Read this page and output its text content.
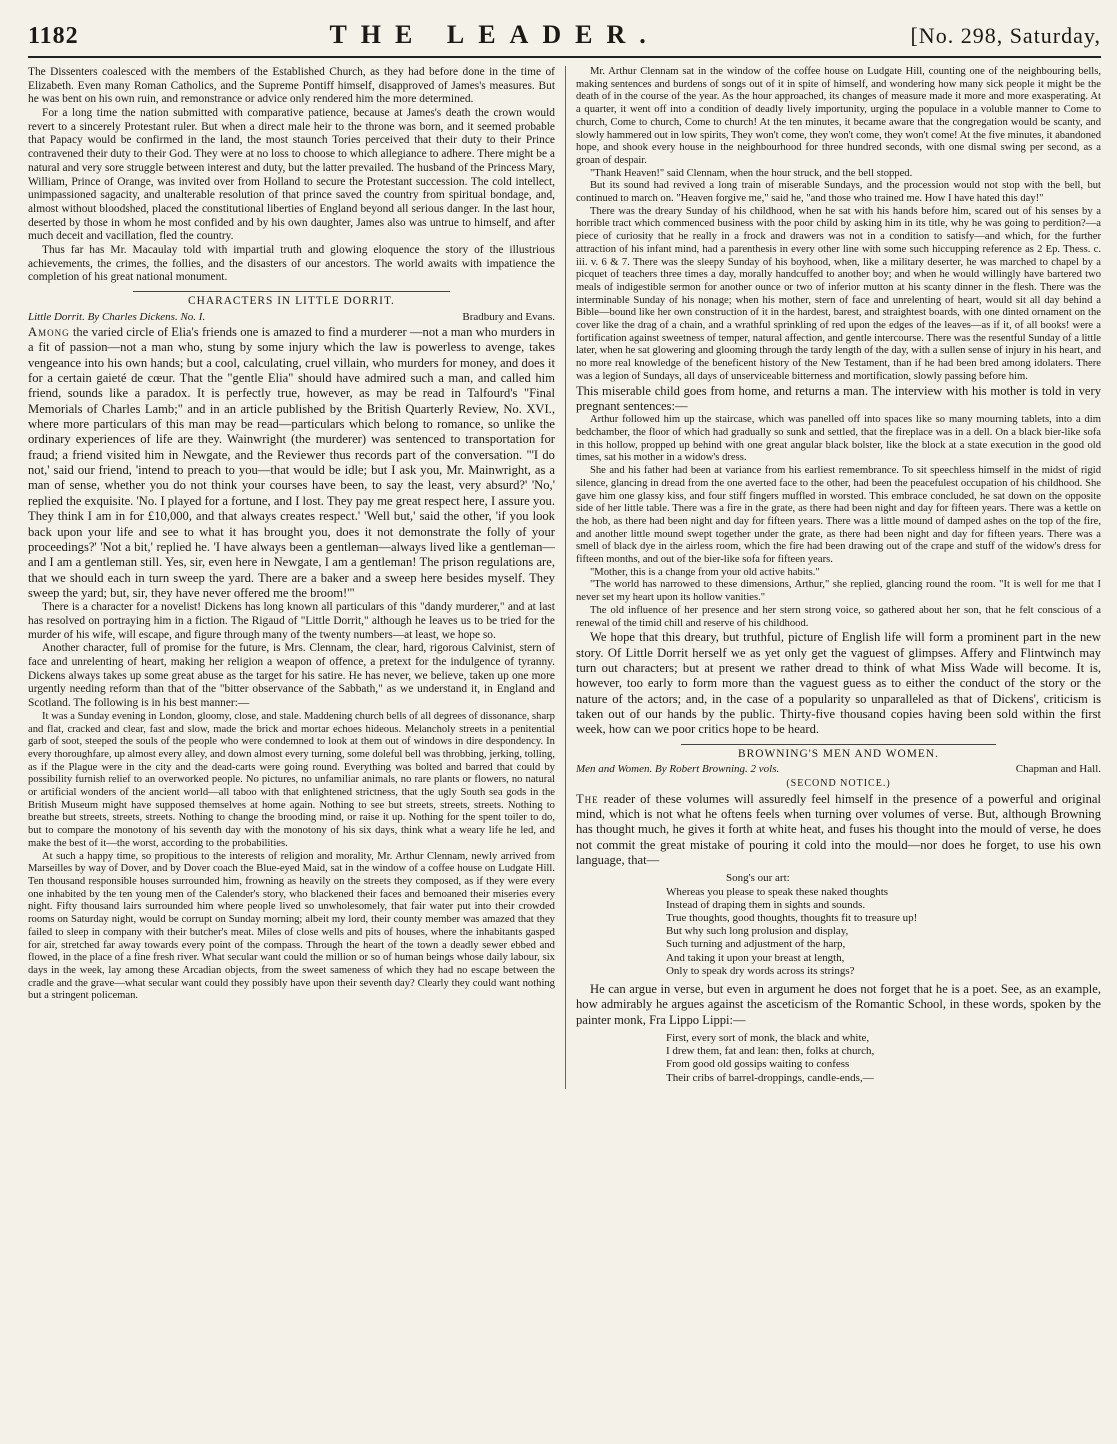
1182	THE LEADER.	[No. 298, Saturday,

The Dissenters coalesced with the members of the Established Church, as they had before done in the time of Elizabeth. Even many Roman Catholics, and the Supreme Pontiff himself, disapproved of James's measures. But he was bent on his own ruin, and remonstrance or advice only rendered him the more determined.

For a long time the nation submitted with comparative patience, because at James's death the crown would revert to a sincerely Protestant ruler. But when a direct male heir to the throne was born, and it seemed probable that Papacy would be confirmed in the land, the most staunch Tories perceived that their duty to their Prince contravened their duty to their God. They were at no loss to choose to which allegiance to adhere. There might be a natural and very sore struggle between interest and duty, but the latter prevailed. The husband of the Princess Mary, William, Prince of Orange, was invited over from Holland to secure the Protestant succession. The cold intellect, unimpassioned sagacity, and unalterable resolution of that prince saved the country from spiritual bondage, and, almost without bloodshed, placed the constitutional liberties of England beyond all serious danger. In the last hour, deserted by those in whom he most confided and by his own daughter, James also was untrue to himself, and after much deceit and vacillation, fled the country.

Thus far has Mr. Macaulay told with impartial truth and glowing eloquence the story of the illustrious achievements, the crimes, the follies, and the disasters of our ancestors. The world awaits with impatience the completion of his great national monument.

CHARACTERS IN LITTLE DORRIT.
Little Dorrit. By Charles Dickens. No. I.	Bradbury and Evans.

Among the varied circle of Elia's friends one is amazed to find a murderer —not a man who murders in a fit of passion—not a man who, stung by some injury which the law is powerless to avenge, takes vengeance into his own hands; but a cool, calculating, cruel villain, who murders for money, and does it for a certain gaieté de cœur. That the "gentle Elia" should have admired such a man, and called him friend, sounds like a paradox. It is perfectly true, however, as may be read in Talfourd's "Final Memorials of Charles Lamb;" and in an article published by the British Quarterly Review, No. XVI., where more particulars of this man may be read—particulars which belong to romance, so unlike the ordinary experiences of life are they. Wainwright (the murderer) was sentenced to transportation for fraud; a friend visited him in Newgate, and the Reviewer thus records part of the conversation. "'I do not,' said our friend, 'intend to preach to you—that would be idle; but I ask you, Mr. Mainwright, as a man of sense, whether you do not think your courses have been, to say the least, very absurd?' 'No,' replied the exquisite. 'No. I played for a fortune, and I lost. They pay me great respect here, I assure you. They think I am in for £10,000, and that always creates respect.' 'Well but,' said the other, 'if you look back upon your life and see to what it has brought you, does it not demonstrate the folly of your proceedings?' 'Not a bit,' replied he. 'I have always been a gentleman—always lived like a gentleman—and I am a gentleman still. Yes, sir, even here in Newgate, I am a gentleman! The prison regulations are, that we should each in turn sweep the yard. There are a baker and a sweep here besides myself. They sweep the yard; but, sir, they have never offered me the broom!'"

There is a character for a novelist! Dickens has long known all particulars of this "dandy murderer," and at last has resolved on portraying him in a fiction. The Rigaud of "Little Dorrit," although he leaves us to be tried for the murder of his wife, will escape, and figure through many of the twenty numbers—at least, we hope so.

Another character, full of promise for the future, is Mrs. Clennam, the clear, hard, rigorous Calvinist, stern of face and unrelenting of heart, making her religion a weapon of offence, a pretext for the indulgence of tyranny. Dickens always takes up some great abuse as the target for his satire. He has never, we believe, taken up one more urgently needing reform than that of the "bitter observance of the Sabbath," as we understand it, in England and Scotland. The following is in his best manner:—

It was a Sunday evening in London, gloomy, close, and stale. Maddening church bells of all degrees of dissonance, sharp and flat, cracked and clear, fast and slow, made the brick and mortar echoes hideous. Melancholy streets in a penitential garb of soot, steeped the souls of the people who were condemned to look at them out of windows in dire despondency. In every thoroughfare, up almost every alley, and down almost every turning, some doleful bell was throbbing, jerking, tolling, as if the Plague were in the city and the dead-carts were going round. Everything was bolted and barred that could by possibility furnish relief to an overworked people. No pictures, no unfamiliar animals, no rare plants or flowers, no natural or artificial wonders of the ancient world—all taboo with that enlightened strictness, that the ugly South sea gods in the British Museum might have supposed themselves at home again. Nothing to see but streets, streets, streets. Nothing to breathe but streets, streets, streets. Nothing to change the brooding mind, or raise it up. Nothing for the spent toiler to do, but to compare the monotony of his seventh day with the monotony of his six days, think what a weary life he led, and make the best of it—the worst, according to the probabilities.

At such a happy time, so propitious to the interests of religion and morality, Mr. Arthur Clennam, newly arrived from Marseilles by way of Dover, and by Dover coach the Blue-eyed Maid, sat in the window of a coffee house on Ludgate Hill. Ten thousand responsible houses surrounded him, frowning as heavily on the streets they composed, as if they were every one inhabited by the ten young men of the Calender's story, who blackened their faces and bemoaned their miseries every night. Fifty thousand lairs surrounded him where people lived so unwholesomely, that fair water put into their crowded rooms on Saturday night, would be corrupt on Sunday morning; albeit my lord, their county member was amazed that they failed to sleep in company with their butcher's meat. Miles of close wells and pits of houses, where the inhabitants gasped for air, stretched far away towards every point of the compass. Through the heart of the town a deadly sewer ebbed and flowed, in the place of a fine fresh river. What secular want could the million or so of human beings whose daily labour, six days in the week, lay among these Arcadian objects, from the sweet sameness of which they had no escape between the cradle and the grave—what secular want could they possibly have upon their seventh day? Clearly they could want nothing but a stringent policeman.

Mr. Arthur Clennam sat in the window of the coffee house on Ludgate Hill, counting one of the neighbouring bells, making sentences and burdens of songs out of it in spite of himself, and wondering how many sick people it might be the death of in the course of the year. As the hour approached, its changes of measure made it more and more exasperating. At a quarter, it went off into a condition of deadly lively importunity, urging the populace in a voluble manner to Come to church, Come to church, Come to church! At the ten minutes, it became aware that the congregation would be scanty, and slowly hammered out in low spirits, They won't come, they won't come, they won't come! At the five minutes, it abandoned hope, and shook every house in the neighbourhood for three hundred seconds, with one dismal swing per second, as a groan of despair.

"Thank Heaven!" said Clennam, when the hour struck, and the bell stopped.

But its sound had revived a long train of miserable Sundays, and the procession would not stop with the bell, but continued to march on. "Heaven forgive me," said he, "and those who trained me. How I have hated this day!"

There was the dreary Sunday of his childhood, when he sat with his hands before him, scared out of his senses by a horrible tract which commenced business with the poor child by asking him in its title, why he was going to perdition?—a piece of curiosity that he really in a frock and drawers was not in a condition to satisfy—and which, for the further attraction of his infant mind, had a parenthesis in every other line with some such hiccupping reference as 2 Ep. Thess. c. iii. v. 6 & 7. There was the sleepy Sunday of his boyhood, when, like a military deserter, he was marched to chapel by a picquet of teachers three times a day, morally handcuffed to another boy; and when he would willingly have bartered two meals of indigestible sermon for another ounce or two of inferior mutton at his scanty dinner in the flesh. There was the interminable Sunday of his nonage; when his mother, stern of face and unrelenting of heart, would sit all day behind a Bible—bound like her own construction of it in the hardest, barest, and straightest boards, with one dinted ornament on the cover like the drag of a chain, and a wrathful sprinkling of red upon the edges of the leaves—as if it, of all books! were a fortification against sweetness of temper, natural affection, and gentle intercourse. There was the resentful Sunday of a little later, when he sat glowering and glooming through the tardy length of the day, with a sullen sense of injury in his heart, and no more real knowledge of the beneficent history of the New Testament, than if he had been bred among idolaters. There was a legion of Sundays, all days of unserviceable bitterness and mortification, slowly passing before him.

This miserable child goes from home, and returns a man. The interview with his mother is told in very pregnant sentences:—

Arthur followed him up the staircase, which was panelled off into spaces like so many mourning tablets, into a dim bedchamber, the floor of which had gradually so sunk and settled, that the fireplace was in a dell. On a black bier-like sofa in this hollow, propped up behind with one great angular black bolster, like the block at a state execution in the good old times, sat his mother in a widow's dress.

She and his father had been at variance from his earliest remembrance. To sit speechless himself in the midst of rigid silence, glancing in dread from the one averted face to the other, had been the peacefulest occupation of his childhood. She gave him one glassy kiss, and four stiff fingers muffled in worsted. This embrace concluded, he sat down on the opposite side of her little table. There was a fire in the grate, as there had been night and day for fifteen years. There was a kettle on the hob, as there had been night and day for fifteen years. There was a little mound of damped ashes on the top of the fire, and another little mound swept together under the grate, as there had been night and day for fifteen years. There was a smell of black dye in the airless room, which the fire had been drawing out of the crape and stuff of the widow's dress for fifteen months, and out of the bier-like sofa for fifteen years.

"Mother, this is a change from your old active habits."

"The world has narrowed to these dimensions, Arthur," she replied, glancing round the room. "It is well for me that I never set my heart upon its hollow vanities."

The old influence of her presence and her stern strong voice, so gathered about her son, that he felt conscious of a renewal of the timid chill and reserve of his childhood.

We hope that this dreary, but truthful, picture of English life will form a prominent part in the new story. Of Little Dorrit herself we as yet only get the vaguest of glimpses. Affery and Flintwinch may turn out characters; but at present we rather dread to think of what Miss Wade will become. It is, however, too early to form more than the vaguest guess as to either the conduct of the story or the nature of the actors; and, in the case of a popularity so unparalleled as that of Dickens', criticism is taken out of our hands by the public. Thirty-five thousand copies having been sold within the first week, how can we poor critics hope to be heard.

BROWNING'S MEN AND WOMEN.
Men and Women. By Robert Browning. 2 vols.	Chapman and Hall.
(SECOND NOTICE.)

The reader of these volumes will assuredly feel himself in the presence of a powerful and original mind, which is not what he oftens feels when turning over volumes of verse. But, although Browning has thought much, he gives it forth at white heat, and fuses his thought into the mould of verse, he does not commit the great mistake of pouring it cold into the mould—nor does he forget, to use his own language, that—

Song's our art:
Whereas you please to speak these naked thoughts
Instead of draping them in sights and sounds.
True thoughts, good thoughts, thoughts fit to treasure up!
But why such long prolusion and display,
Such turning and adjustment of the harp,
And taking it upon your breast at length,
Only to speak dry words across its strings?

He can argue in verse, but even in argument he does not forget that he is a poet. See, as an example, how admirably he argues against the asceticism of the Romantic School, in these words, spoken by the painter monk, Fra Lippo Lippi:—

First, every sort of monk, the black and white,
I drew them, fat and lean: then, folks at church,
From good old gossips waiting to confess
Their cribs of barrel-droppings, candle-ends,—
